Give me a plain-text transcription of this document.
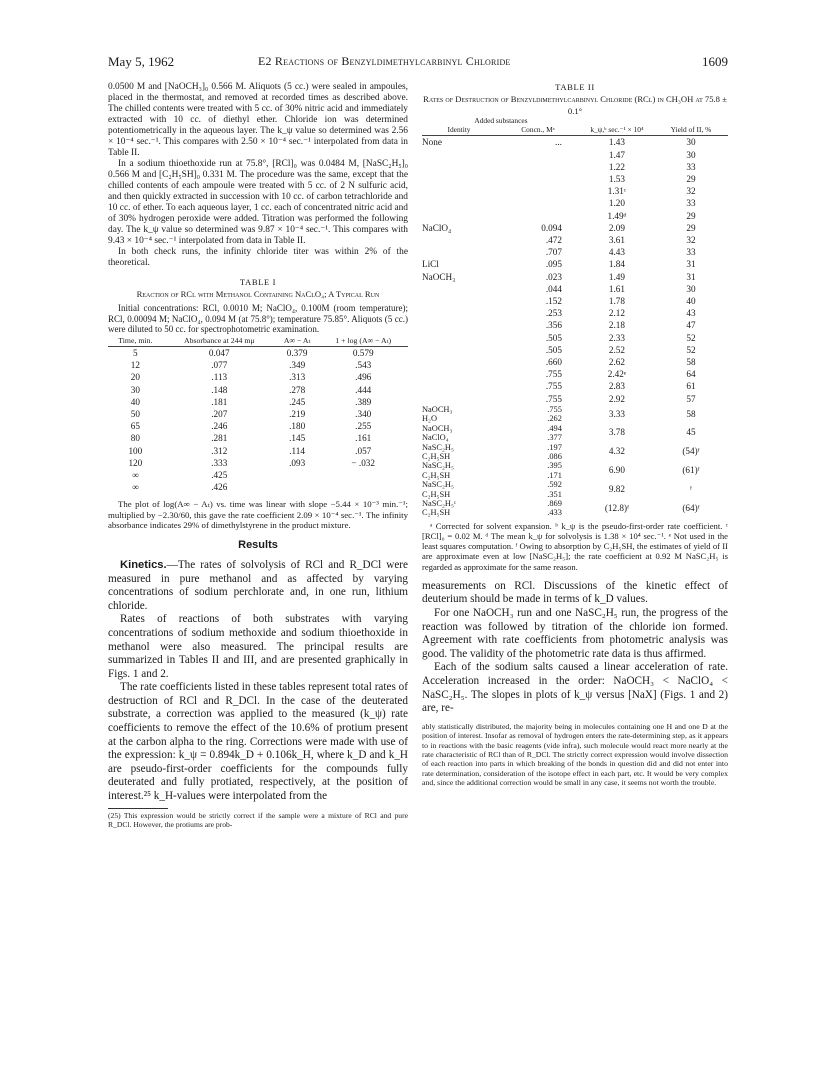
May 5, 1962	E2 Reactions of Benzyldimethylcarbinyl Chloride	1609

0.0500 M and [NaOCH₃]₀ 0.566 M. Aliquots (5 cc.) were sealed in ampoules, placed in the thermostat, and removed at recorded times as described above. The chilled contents were treated with 5 cc. of 30% nitric acid and immediately extracted with 10 cc. of diethyl ether. Chloride ion was determined potentiometrically in the aqueous layer. The k_ψ value so determined was 2.56 × 10⁻⁴ sec.⁻¹. This compares with 2.50 × 10⁻⁴ sec.⁻¹ interpolated from data in Table II.

In a sodium thioethoxide run at 75.8°, [RCl]₀ was 0.0484 M, [NaSC₂H₅]₀ 0.566 M and [C₂H₅SH]₀ 0.331 M. The procedure was the same, except that the chilled contents of each ampoule were treated with 5 cc. of 2 N sulfuric acid, and then quickly extracted in succession with 10 cc. of carbon tetrachloride and 10 cc. of ether. To each aqueous layer, 1 cc. each of concentrated nitric acid and of 30% hydrogen peroxide were added. Titration was performed the following day. The k_ψ value so determined was 9.87 × 10⁻⁴ sec.⁻¹. This compares with 9.43 × 10⁻⁴ sec.⁻¹ interpolated from data in Table II.

In both check runs, the infinity chloride titer was within 2% of the theoretical.

TABLE I
Reaction of RCl with Methanol Containing NaClO₄; A Typical Run
Initial concentrations: RCl, 0.0010 M; NaClO₄, 0.100M (room temperature); RCl, 0.00094 M; NaClO₄, 0.094 M (at 75.8°); temperature 75.85°. Aliquots (5 cc.) were diluted to 50 cc. for spectrophotometric examination.
Time, min.	Absorbance at 244 mμ	A∞ − Aₜ	1 + log (A∞ − Aₜ)
5	0.047	0.379	0.579
12	.077	.349	.543
20	.113	.313	.496
30	.148	.278	.444
40	.181	.245	.389
50	.207	.219	.340
65	.246	.180	.255
80	.281	.145	.161
100	.312	.114	.057
120	.333	.093	− .032
∞	.425		
∞	.426		
The plot of log(A∞ − Aₜ) vs. time was linear with slope −5.44 × 10⁻³ min.⁻¹; multiplied by −2.30/60, this gave the rate coefficient 2.09 × 10⁻⁴ sec.⁻¹. The infinity absorbance indicates 29% of dimethylstyrene in the product mixture.
Results

Kinetics.—The rates of solvolysis of RCl and R_DCl were measured in pure methanol and as affected by varying concentrations of sodium perchlorate and, in one run, lithium chloride.

Rates of reactions of both substrates with varying concentrations of sodium methoxide and sodium thioethoxide in methanol were also measured. The principal results are summarized in Tables II and III, and are presented graphically in Figs. 1 and 2.

The rate coefficients listed in these tables represent total rates of destruction of RCl and R_DCl. In the case of the deuterated substrate, a correction was applied to the measured (k_ψ) rate coefficients to remove the effect of the 10.6% of protium present at the carbon alpha to the ring. Corrections were made with use of the expression: k_ψ = 0.894k_D + 0.106k_H, where k_D and k_H are pseudo-first-order coefficients for the compounds fully deuterated and fully protiated, respectively, at the position of interest.²⁵ k_H-values were interpolated from the

(25) This expression would be strictly correct if the sample were a mixture of RCl and pure R_DCl. However, the protiums are prob-
TABLE II
Rates of Destruction of Benzyldimethylcarbinyl Chloride (RCl) in CH₃OH at 75.8 ± 0.1°
Added substances			
Identity	Concn., Mᵃ	k_ψ,ᵇ sec.⁻¹ × 10⁴	Yield of II, %
None	...	1.43	30
		1.47	30
		1.22	33
		1.53	29
		1.31ᶜ	32
		1.20	33
		1.49ᵈ	29
NaClO₄	0.094	2.09	29
	.472	3.61	32
	.707	4.43	33
LiCl	.095	1.84	31
NaOCH₃	.023	1.49	31
	.044	1.61	30
	.152	1.78	40
	.253	2.12	43
	.356	2.18	47
	.505	2.33	52
	.505	2.52	52
	.660	2.62	58
	.755	2.42ᵉ	64
	.755	2.83	61
	.755	2.92	57
NaOCH₃	.755	3.33	58
H₂O	.262		
NaOCH₃	.494	3.78	45
NaClO₄	.377		
NaSC₂H₅	.197	4.32	(54)ᶠ
C₂H₅SH	.086		
NaSC₂H₅	.395	6.90	(61)ᶠ
C₂H₅SH	.171		
NaSC₂H₅	.592	9.82	ᶠ
C₂H₅SH	.351		
NaSC₂H₅ᶜ	.869	(12.8)ᶠ	(64)ᶠ
C₂H₅SH	.433		
ᵃ Corrected for solvent expansion. ᵇ k_ψ is the pseudo-first-order rate coefficient. ᶜ [RCl]₀ = 0.02 M. ᵈ The mean k_ψ for solvolysis is 1.38 × 10⁴ sec.⁻¹. ᵉ Not used in the least squares computation. ᶠ Owing to absorption by C₂H₅SH, the estimates of yield of II are approximate even at low [NaSC₂H₅]; the rate coefficient at 0.92 M NaSC₂H₅ is regarded as approximate for the same reason.

measurements on RCl. Discussions of the kinetic effect of deuterium should be made in terms of k_D values.

For one NaOCH₃ run and one NaSC₂H₅ run, the progress of the reaction was followed by titration of the chloride ion formed. Agreement with rate coefficients from photometric analysis was good. The validity of the photometric rate data is thus affirmed.

Each of the sodium salts caused a linear acceleration of rate. Acceleration increased in the order: NaOCH₃ < NaClO₄ < NaSC₂H₅. The slopes in plots of k_ψ versus [NaX] (Figs. 1 and 2) are, re-

ably statistically distributed, the majority being in molecules containing one H and one D at the position of interest. Insofar as removal of hydrogen enters the rate-determining step, as it appears to in reactions with the basic reagents (vide infra), such molecule would react more nearly at the rate characteristic of RCl than of R_DCl. The strictly correct expression would involve dissection of each reaction into parts in which breaking of the bonds in question did and did not enter into rate determination, consideration of the isotope effect in each part, etc. It would be very complex and, since the additional correction would be small in any case, it seems not worth the trouble.
